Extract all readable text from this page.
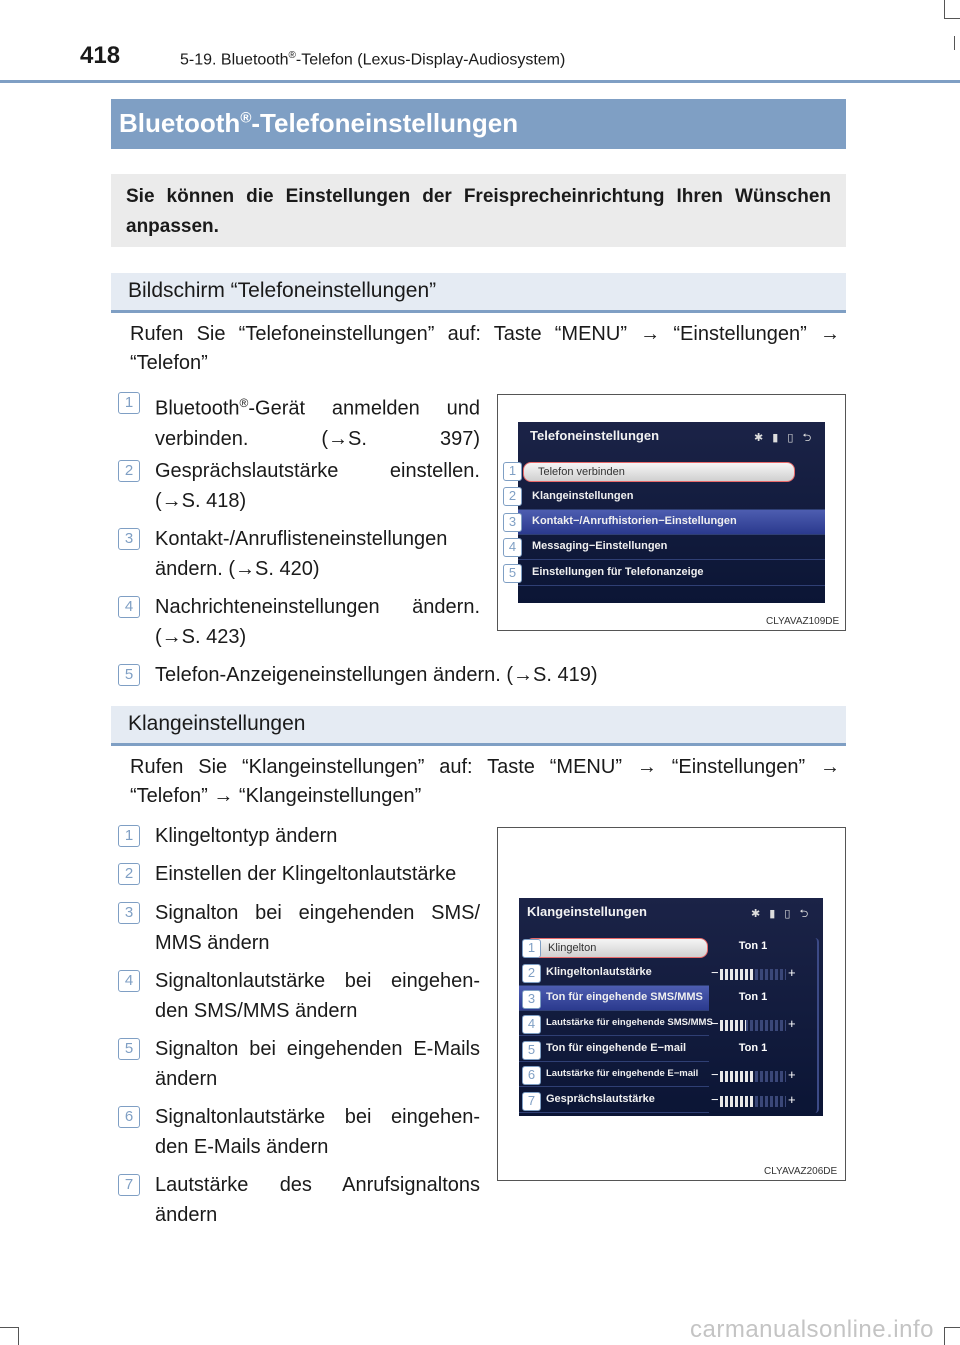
418	5-19. Bluetooth®-Telefon (Lexus-Display-Audiosystem)
Bluetooth®-Telefoneinstellungen
Sie können die Einstellungen der Freisprecheinrichtung Ihren Wünschen anpassen.
Bildschirm “Telefoneinstellungen”
Rufen Sie “Telefoneinstellungen” auf: Taste “MENU” → “Einstellungen” → “Telefon”
1	Bluetooth®-Gerät anmelden und verbinden. (→S. 397)
2	Gesprächslautstärke einstellen. (→S. 418)
3	Kontakt-/Anruflisteneinstellungen ändern. (→S. 420)
4	Nachrichteneinstellungen ändern. (→S. 423)
5	Telefon-Anzeigeneinstellungen ändern. (→S. 419)
Telefoneinstellungen	✱ ▮ ▯ ⮌
Telefon verbinden
Klangeinstellungen
Kontakt−/Anrufhistorien−Einstellungen
Messaging−Einstellungen
Einstellungen für Telefonanzeige
1
2
3
4
5
CLYAVAZ109DE
Klangeinstellungen
Rufen Sie “Klangeinstellungen” auf: Taste “MENU” → “Einstellungen” → “Telefon” → “Klangeinstellungen”
1	Klingeltontyp ändern
2	Einstellen der Klingeltonlautstärke
3	Signalton bei eingehenden SMS/ MMS ändern
4	Signaltonlautstärke bei eingehen-den SMS/MMS ändern
5	Signalton bei eingehenden E-Mails ändern
6	Signaltonlautstärke bei eingehen-den E-Mails ändern
7	Lautstärke des Anrufsignaltons ändern
Klangeinstellungen	✱ ▮ ▯ ⮌
Klingelton	Ton 1
Klingeltonlautstärke	−	+
Ton für eingehende SMS/MMS	Ton 1
Lautstärke für eingehende SMS/MMS
−	+
Ton für eingehende E−mail	Ton 1
Lautstärke für eingehende E−mail −	+
Gesprächslautstärke	−	+
1
2
3
4
5
6
7
CLYAVAZ206DE
carmanualsonline.info
